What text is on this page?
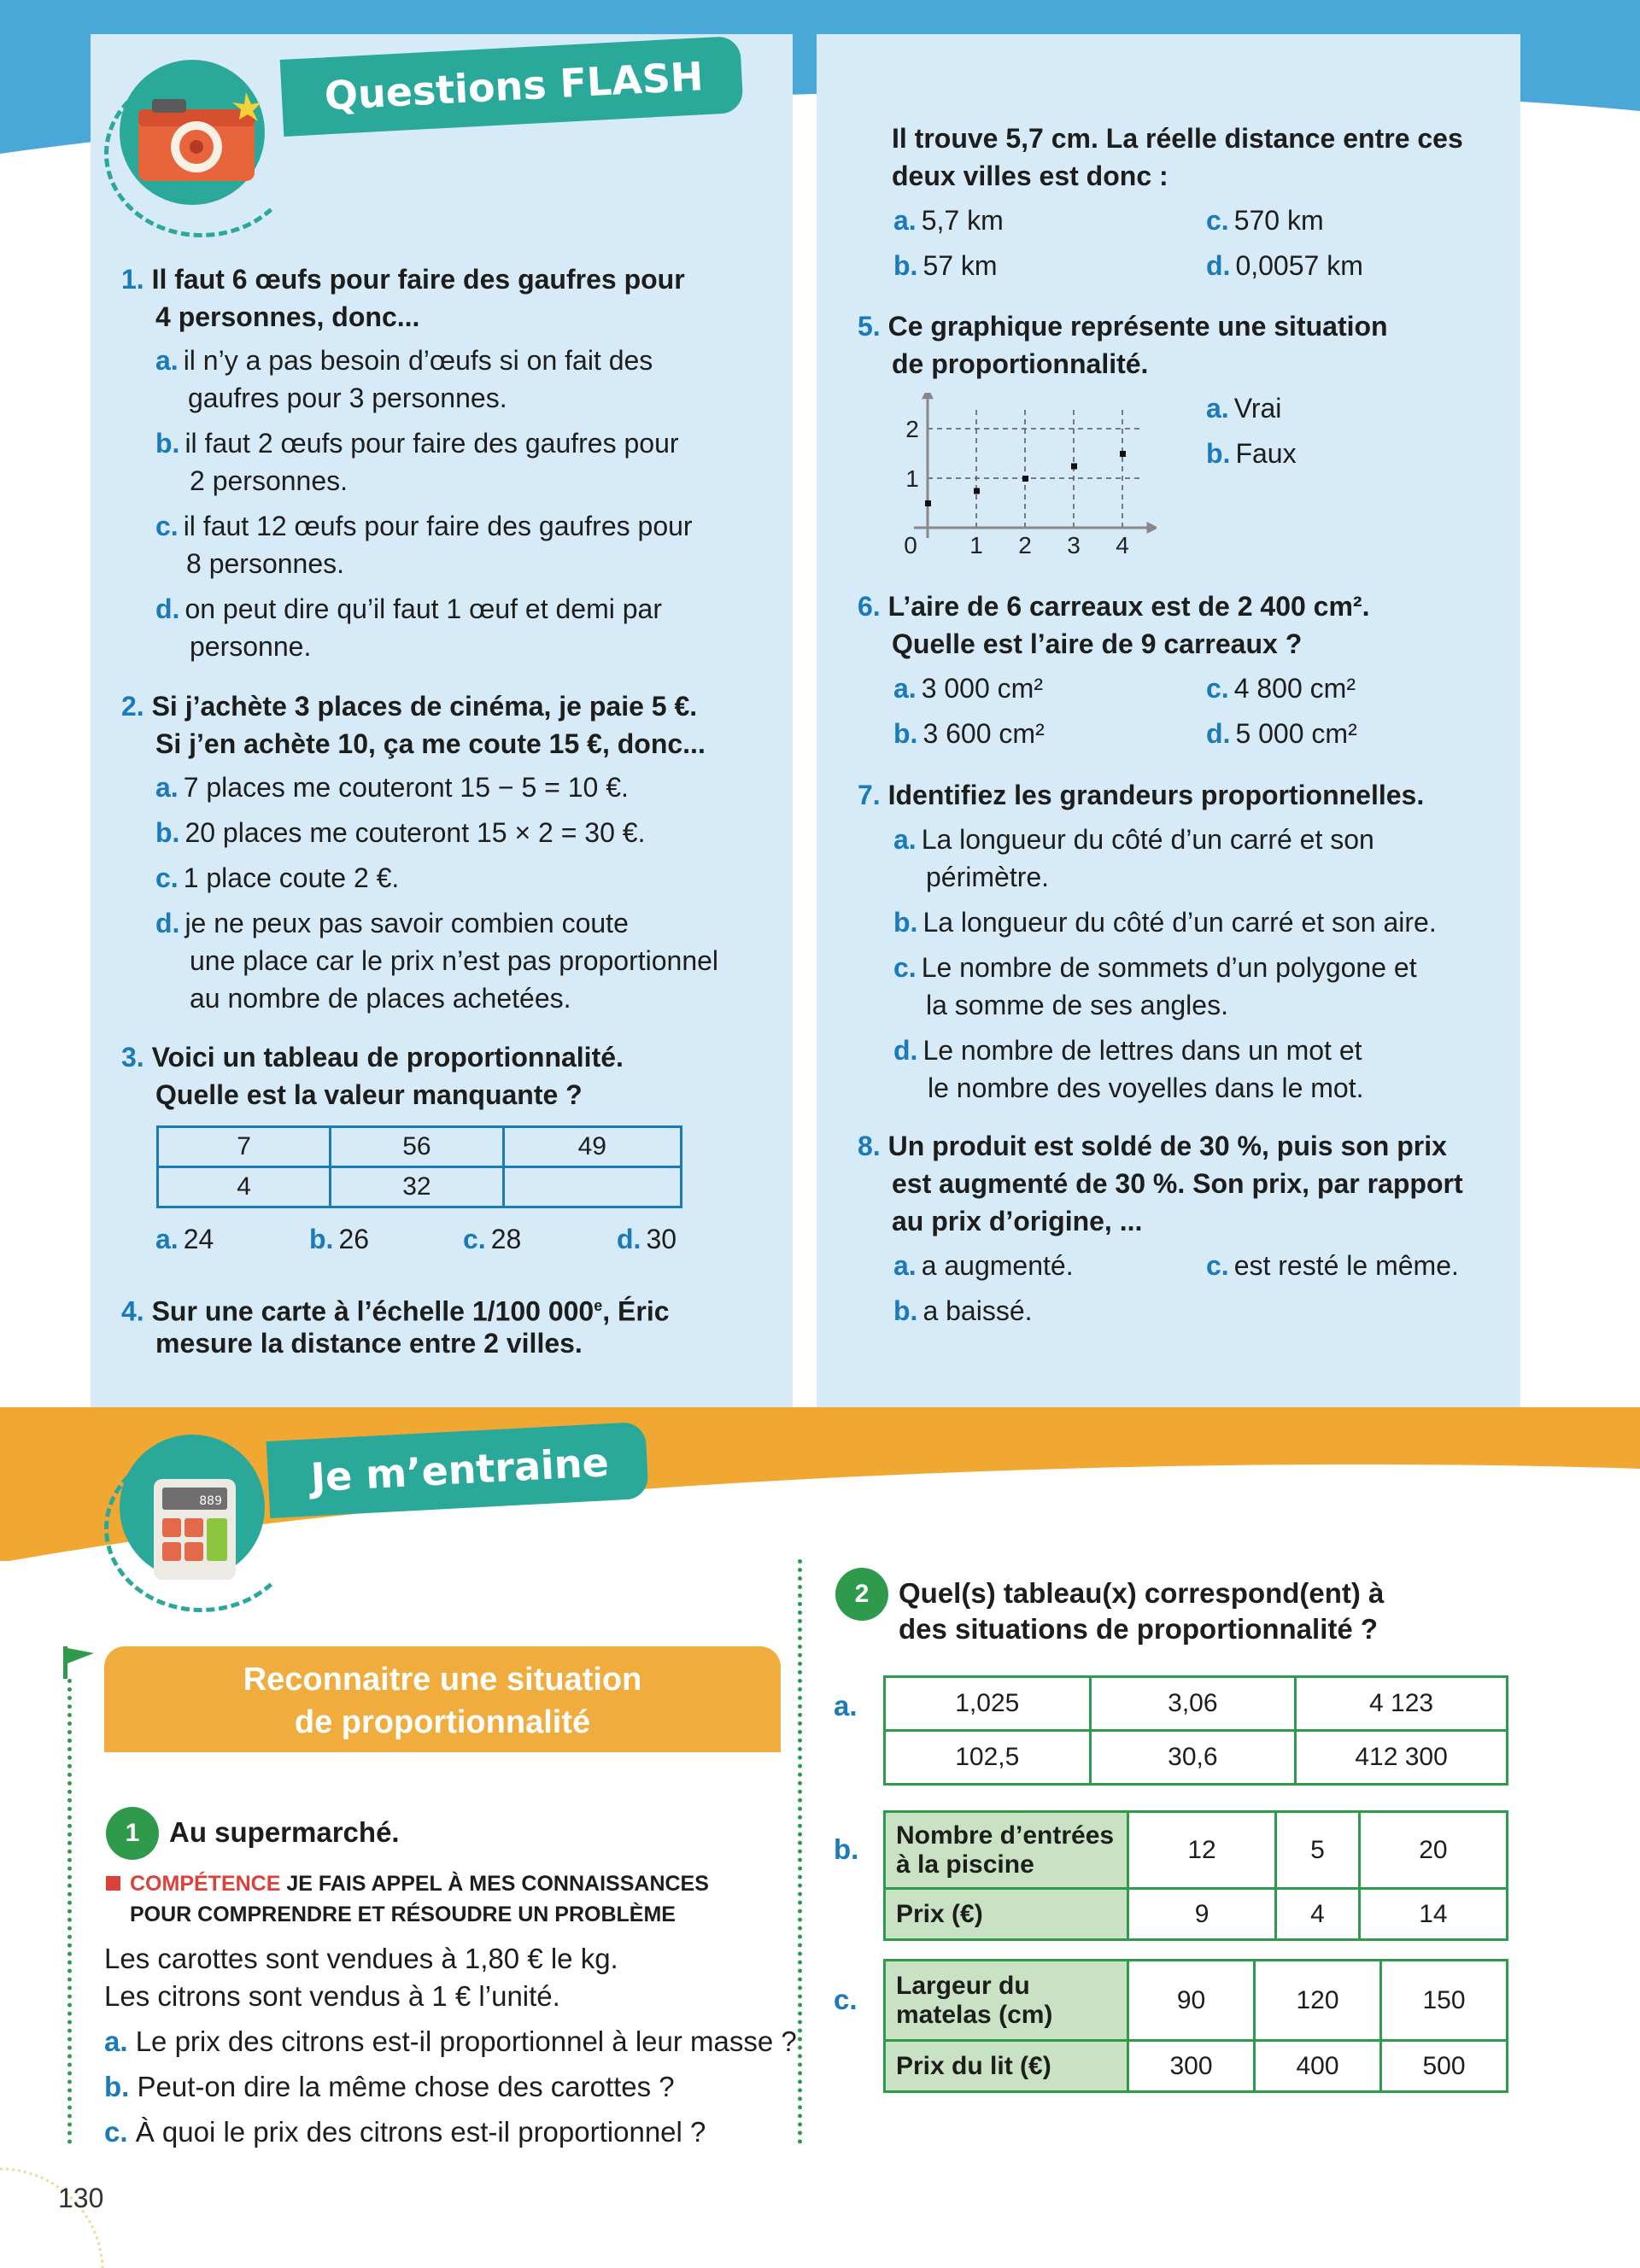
Questions FLASH
1. Il faut 6 œufs pour faire des gaufres pour
4 personnes, donc...
a. il n’y a pas besoin d’œufs si on fait des
gaufres pour 3 personnes.
b. il faut 2 œufs pour faire des gaufres pour
2 personnes.
c. il faut 12 œufs pour faire des gaufres pour
8 personnes.
d. on peut dire qu’il faut 1 œuf et demi par
personne.
2. Si j’achète 3 places de cinéma, je paie 5 €.
Si j’en achète 10, ça me coute 15 €, donc...
a. 7 places me couteront 15 − 5 = 10 €.
b. 20 places me couteront 15 × 2 = 30 €.
c. 1 place coute 2 €.
d. je ne peux pas savoir combien coute
une place car le prix n’est pas proportionnel
au nombre de places achetées.
3. Voici un tableau de proportionnalité.
Quelle est la valeur manquante ?
7	56	49
4	32	
a. 24	b. 26	c. 28	d. 30
4. Sur une carte à l’échelle 1/100 000e, Éric
mesure la distance entre 2 villes.
Il trouve 5,7 cm. La réelle distance entre ces
deux villes est donc :
a. 5,7 km
b. 57 km
c. 570 km
d. 0,0057 km
5. Ce graphique représente une situation
de proportionnalité.
0 1 2 3 4
1
2
a. Vrai
b. Faux
6. L’aire de 6 carreaux est de 2 400 cm².
Quelle est l’aire de 9 carreaux ?
a. 3 000 cm²
b. 3 600 cm²
c. 4 800 cm²
d. 5 000 cm²
7. Identifiez les grandeurs proportionnelles.
a. La longueur du côté d’un carré et son
périmètre.
b. La longueur du côté d’un carré et son aire.
c. Le nombre de sommets d’un polygone et
la somme de ses angles.
d. Le nombre de lettres dans un mot et
le nombre des voyelles dans le mot.
8. Un produit est soldé de 30 %, puis son prix
est augmenté de 30 %. Son prix, par rapport
au prix d’origine, ...
a. a augmenté.
b. a baissé.
c. est resté le même.
889
Je m’entraine
Reconnaitre une situation
de proportionnalité
1	Au supermarché.
COMPÉTENCE JE FAIS APPEL À MES CONNAISSANCES
POUR COMPRENDRE ET RÉSOUDRE UN PROBLÈME
Les carottes sont vendues à 1,80 € le kg.
Les citrons sont vendus à 1 € l’unité.
a. Le prix des citrons est-il proportionnel à leur masse ?
b. Peut-on dire la même chose des carottes ?
c. À quoi le prix des citrons est-il proportionnel ?
2	Quel(s) tableau(x) correspond(ent) à
des situations de proportionnalité ?
a.	1,025	3,06	4 123
102,5	30,6	412 300
b. Nombre d’entrées
à la piscine	12	5	20
Prix (€)	9	4	14
c. Largeur du
matelas (cm)	90	120	150
Prix du lit (€)	300	400	500
130
